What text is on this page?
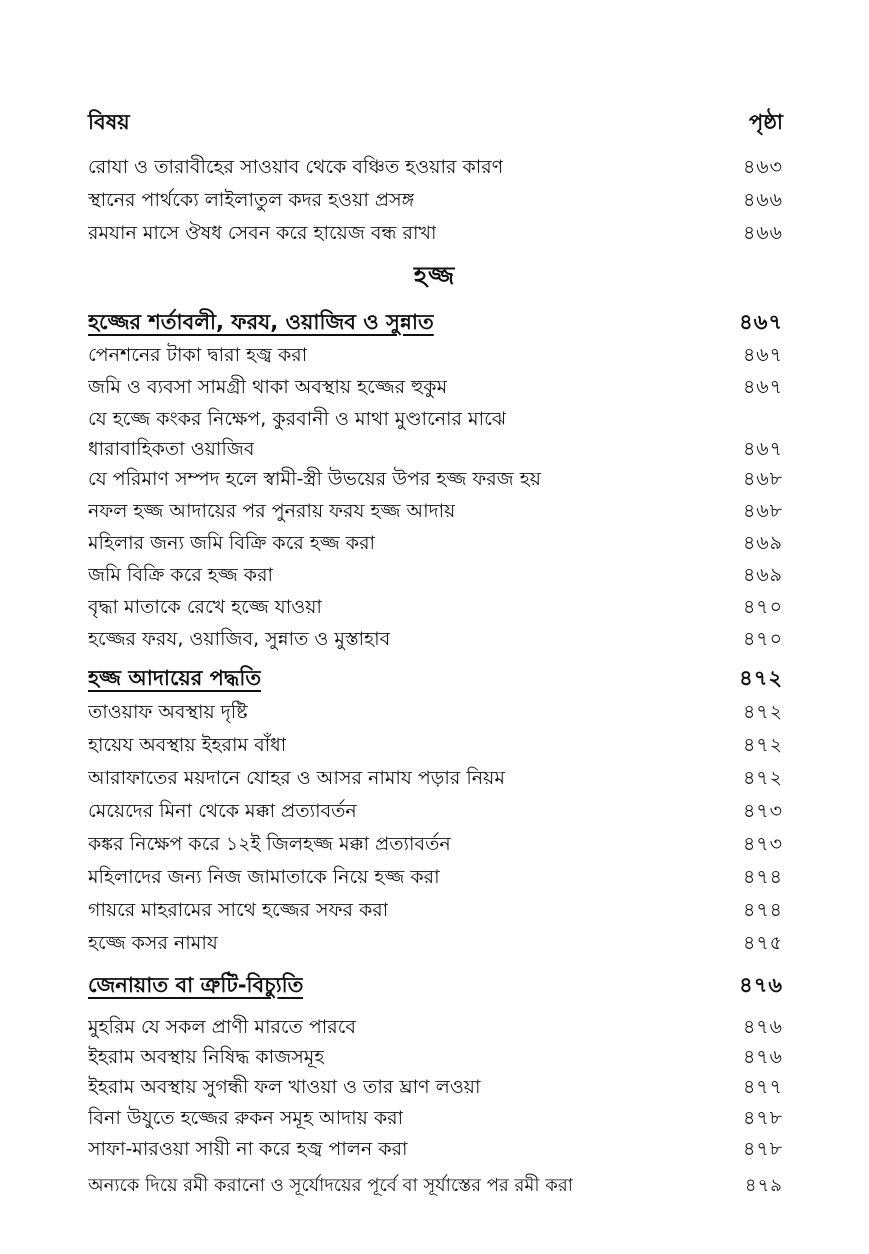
বিষয়	পৃষ্ঠা
রোযা ও তারাবীহের সাওয়াব থেকে বঞ্চিত হওয়ার কারণ	৪৬৩
স্থানের পার্থক্যে লাইলাতুল কদর হওয়া প্রসঙ্গ	৪৬৬
রমযান মাসে ঔষধ সেবন করে হায়েজ বন্ধ রাখা	৪৬৬
হজ্জ
হজ্জের শর্তাবলী, ফরয, ওয়াজিব ও সুন্নাত	৪৬৭
পেনশনের টাকা দ্বারা হজ্ব করা	৪৬৭
জমি ও ব্যবসা সামগ্রী থাকা অবস্থায় হজ্জের হুকুম	৪৬৭
যে হজ্জে কংকর নিক্ষেপ, কুরবানী ও মাথা মুণ্ডানোর মাঝে
ধারাবাহিকতা ওয়াজিব	৪৬৭
যে পরিমাণ সম্পদ হলে স্বামী-স্ত্রী উভয়ের উপর হজ্জ ফরজ হয়	৪৬৮
নফল হজ্জ আদায়ের পর পুনরায় ফরয হজ্জ আদায়	৪৬৮
মহিলার জন্য জমি বিক্রি করে হজ্জ করা	৪৬৯
জমি বিক্রি করে হজ্জ করা	৪৬৯
বৃদ্ধা মাতাকে রেখে হজ্জে যাওয়া	৪৭০
হজ্জের ফরয, ওয়াজিব, সুন্নাত ও মুস্তাহাব	৪৭০
হজ্জ আদায়ের পদ্ধতি	৪৭২
তাওয়াফ অবস্থায় দৃষ্টি	৪৭২
হায়েয অবস্থায় ইহরাম বাঁধা	৪৭২
আরাফাতের ময়দানে যোহর ও আসর নামায পড়ার নিয়ম	৪৭২
মেয়েদের মিনা থেকে মক্কা প্রত্যাবর্তন	৪৭৩
কঙ্কর নিক্ষেপ করে ১২ই জিলহজ্জ মক্কা প্রত্যাবর্তন	৪৭৩
মহিলাদের জন্য নিজ জামাতাকে নিয়ে হজ্জ করা	৪৭৪
গায়রে মাহরামের সাথে হজ্জের সফর করা	৪৭৪
হজ্জে কসর নামায	৪৭৫
জেনায়াত বা ত্রুটি-বিচ্যুতি	৪৭৬
মুহরিম যে সকল প্রাণী মারতে পারবে	৪৭৬
ইহরাম অবস্থায় নিষিদ্ধ কাজসমূহ	৪৭৬
ইহরাম অবস্থায় সুগন্ধী ফল খাওয়া ও তার ঘ্রাণ লওয়া	৪৭৭
বিনা উযুতে হজ্জের রুকন সমূহ আদায় করা	৪৭৮
সাফা-মারওয়া সায়ী না করে হজ্ব পালন করা	৪৭৮
অন্যকে দিয়ে রমী করানো ও সূর্যোদয়ের পূর্বে বা সূর্যাস্তের পর রমী করা	৪৭৯
